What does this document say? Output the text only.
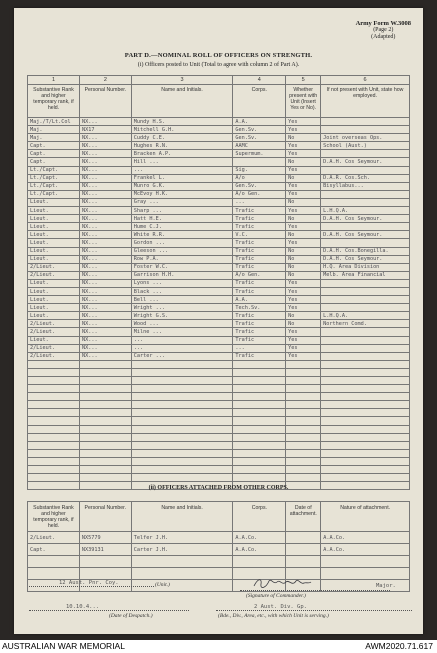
Army Form W.3008
(Page 2)
(Adapted)
PART D.—NOMINAL ROLL OF OFFICERS ON STRENGTH.
(i) Officers posted to Unit (Total to agree with column 2 of Part A).
1	2	3	4	5	6
Substantive Rank and higher temporary rank, if held.	Personal Number.	Name and Initials.	Corps.	Whether present with Unit (Insert Yes or No).	If not present with Unit, state how employed.
Maj./T/Lt.Col	NX...	Mundy H.S.	A.A.	Yes	
Maj.	NX17	Mitchell G.H.	Gen.Sv.	Yes	
Maj.	NX...	Cuddy C.E.	Gen.Sv.	No	Joint overseas Ops.
Capt.	NX...	Hughes R.N.	AAMC	Yes	School (Aust.)
Capt.	NX...	Bracken A.P.	Supermum.	Yes	
Capt.	NX...	Hill ...		No	D.A.H. Cos Seymour.
Lt./Capt.	NX...	...	Sig.	Yes	
Lt./Capt.	NX...	Frankel L.	A/o	No	D.A.R. Cos.Sch.
Lt./Capt.	NX...	Munro G.K.	Gen.Sv.	Yes	Bisyllabus...
Lt./Capt.	NX...	McEvoy H.K.	A/o Gen.	Yes	
Lieut.	NX...	Gray ...	...	No	
Lieut.	NX...	Sharp ...	Trafic	Yes	L.H.Q.A.
Lieut.	NX...	Hatt H.E.	Trafic	No	D.A.H. Cos Seymour.
Lieut.	NX...	Hume C.J.	Trafic	Yes	
Lieut.	NX...	White R.R.	V.C.	No	D.A.H. Cos Seymour.
Lieut.	NX...	Gordon ...	Trafic	Yes	
Lieut.	NX...	Gleeson ...	Trafic	No	D.A.H. Cos.Bonegilla.
Lieut.	NX...	Row P.A.	Trafic	No	D.A.H. Cos Seymour.
2/Lieut.	NX...	Foster W.C.	Trafic	No	H.Q. Area Division
2/Lieut.	NX...	Garrison H.H.	A/o Gen.	No	Melb. Area Financial
Lieut.	NX...	Lyons ...	Trafic	Yes	
Lieut.	NX...	Black ...	Trafic	Yes	
Lieut.	NX...	Bell ...	A.A.	Yes	
Lieut.	NX...	Wright ...	Tech.Sv.	Yes	
Lieut.	NX...	Wright G.S.	Trafic	No	L.H.Q.A.
2/Lieut.	NX...	Wood ...	Trafic	No	Northern Comd.
2/Lieut.	NX...	Milne ...	Trafic	Yes	
Lieut.	NX...	...	Trafic	Yes	
2/Lieut.	NX...	...	...	Yes	
2/Lieut.	NX...	Carter ...	Trafic	Yes	

(ii) OFFICERS ATTACHED FROM OTHER CORPS.
Substantive Rank and higher temporary rank, if held.	Personal Number.	Name and Initials.	Corps.	Date of attachment.	Nature of attachment.
2/Lieut.	NX5779	Telfer J.H.	A.A.Co.		A.A.Co.
Capt.	NX39131	Carter J.H.	A.A.Co.		A.A.Co.

12 Aust. Pnr. Coy.	(Unit.)	Major.
(Signature of Commander.)
10.10.4...
(Date of Despatch.)
2 Aust. Div. Gp.
(Bde., Div., Area, etc., with which Unit is serving.)
AUSTRALIAN WAR MEMORIAL	AWM2020.71.617
